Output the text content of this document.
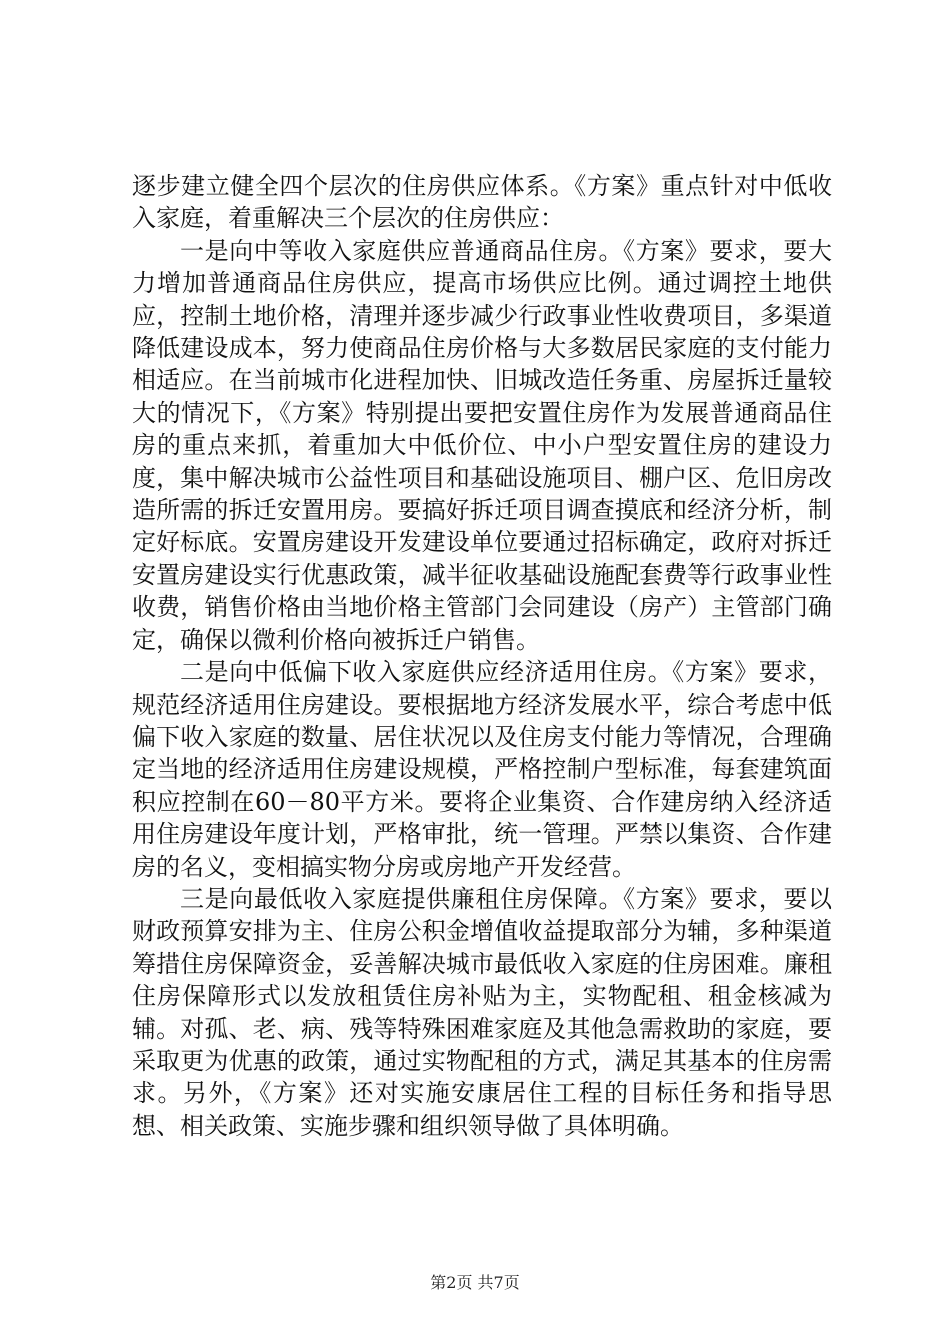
逐步建立健全四个层次的住房供应体系。《方案》重点针对中低收入家庭，着重解决三个层次的住房供应：

一是向中等收入家庭供应普通商品住房。《方案》要求，要大力增加普通商品住房供应，提高市场供应比例。通过调控土地供应，控制土地价格，清理并逐步减少行政事业性收费项目，多渠道降低建设成本，努力使商品住房价格与大多数居民家庭的支付能力相适应。在当前城市化进程加快、旧城改造任务重、房屋拆迁量较大的情况下，《方案》特别提出要把安置住房作为发展普通商品住房的重点来抓，着重加大中低价位、中小户型安置住房的建设力度，集中解决城市公益性项目和基础设施项目、棚户区、危旧房改造所需的拆迁安置用房。要搞好拆迁项目调查摸底和经济分析，制定好标底。安置房建设开发建设单位要通过招标确定，政府对拆迁安置房建设实行优惠政策，减半征收基础设施配套费等行政事业性收费，销售价格由当地价格主管部门会同建设（房产）主管部门确定，确保以微利价格向被拆迁户销售。

二是向中低偏下收入家庭供应经济适用住房。《方案》要求，规范经济适用住房建设。要根据地方经济发展水平，综合考虑中低偏下收入家庭的数量、居住状况以及住房支付能力等情况，合理确定当地的经济适用住房建设规模，严格控制户型标准，每套建筑面积应控制在60－80平方米。要将企业集资、合作建房纳入经济适用住房建设年度计划，严格审批，统一管理。严禁以集资、合作建房的名义，变相搞实物分房或房地产开发经营。

三是向最低收入家庭提供廉租住房保障。《方案》要求，要以财政预算安排为主、住房公积金增值收益提取部分为辅，多种渠道筹措住房保障资金，妥善解决城市最低收入家庭的住房困难。廉租住房保障形式以发放租赁住房补贴为主，实物配租、租金核减为辅。对孤、老、病、残等特殊困难家庭及其他急需救助的家庭，要采取更为优惠的政策，通过实物配租的方式，满足其基本的住房需求。另外，《方案》还对实施安康居住工程的目标任务和指导思想、相关政策、实施步骤和组织领导做了具体明确。

第2页 共7页
